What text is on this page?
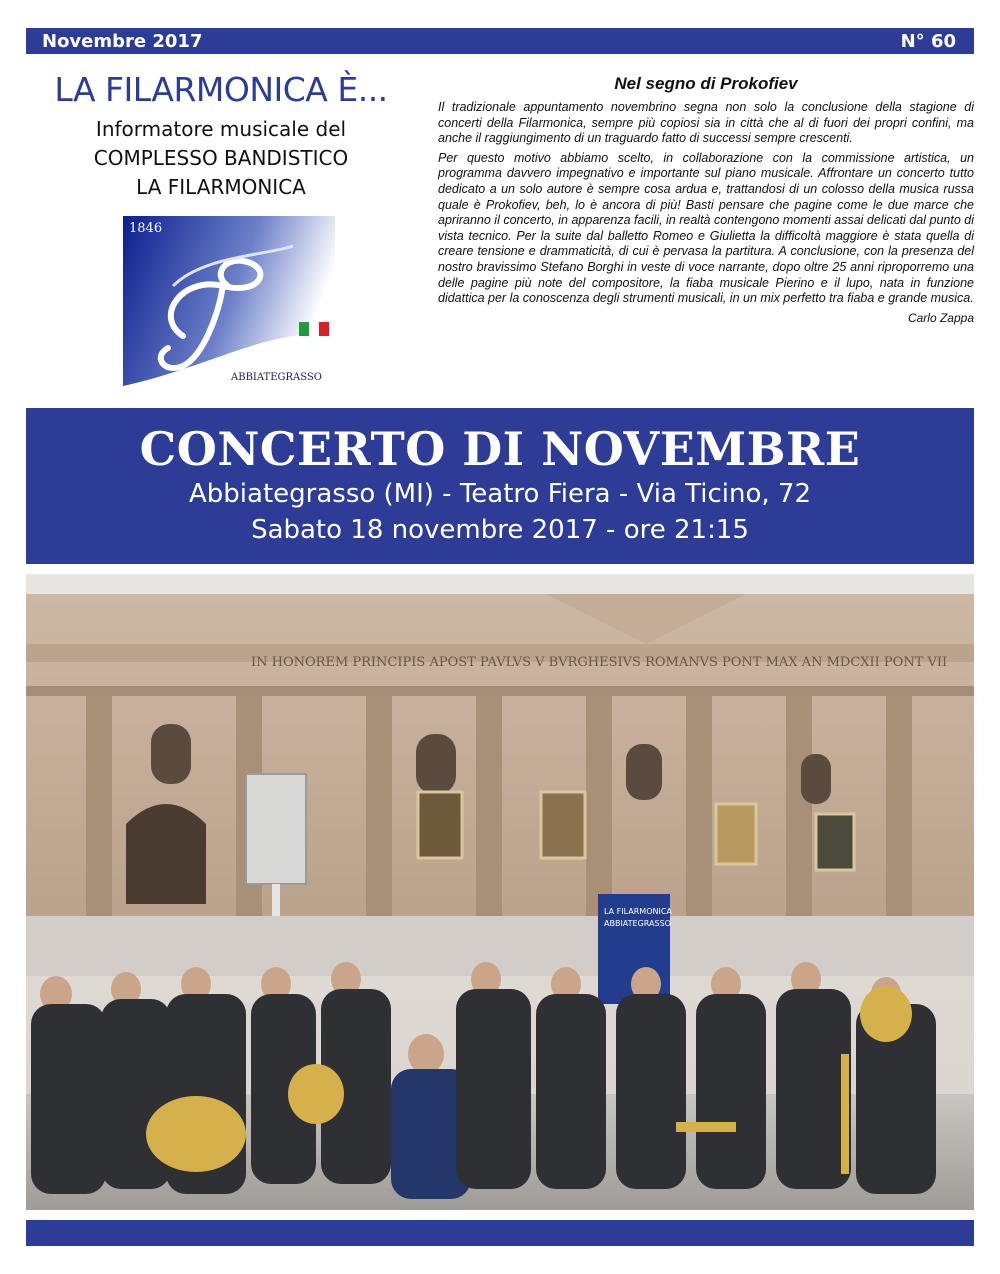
Novembre 2017	N° 60
LA FILARMONICA È...
Informatore musicale del
COMPLESSO BANDISTICO
LA FILARMONICA
1846
ABBIATEGRASSO
Nel segno di Prokofiev

Il tradizionale appuntamento novembrino segna non solo la conclusione della stagione di concerti della Filarmonica, sempre più copiosi sia in città che al di fuori dei propri confini, ma anche il raggiungimento di un traguardo fatto di successi sempre crescenti.

Per questo motivo abbiamo scelto, in collaborazione con la commissione artistica, un programma davvero impegnativo e importante sul piano musicale. Affrontare un concerto tutto dedicato a un solo autore è sempre cosa ardua e, trattandosi di un colosso della musica russa quale è Prokofiev, beh, lo è ancora di più! Basti pensare che pagine come le due marce che apriranno il concerto, in apparenza facili, in realtà contengono momenti assai delicati dal punto di vista tecnico. Per la suite dal balletto Romeo e Giulietta la difficoltà maggiore è stata quella di creare tensione e drammaticità, di cui è pervasa la partitura. A conclusione, con la presenza del nostro bravissimo Stefano Borghi in veste di voce narrante, dopo oltre 25 anni riproporremo una delle pagine più note del compositore, la fiaba musicale Pierino e il lupo, nata in funzione didattica per la conoscenza degli strumenti musicali, in un mix perfetto tra fiaba e grande musica.

Carlo Zappa
CONCERTO DI NOVEMBRE
Abbiategrasso (MI) - Teatro Fiera - Via Ticino, 72
Sabato 18 novembre 2017 - ore 21:15
IN HONOREM PRINCIPIS APOST PAVLVS V BVRGHESIVS ROMANVS PONT MAX AN MDCXII PONT VII
LA FILARMONICA
ABBIATEGRASSO
